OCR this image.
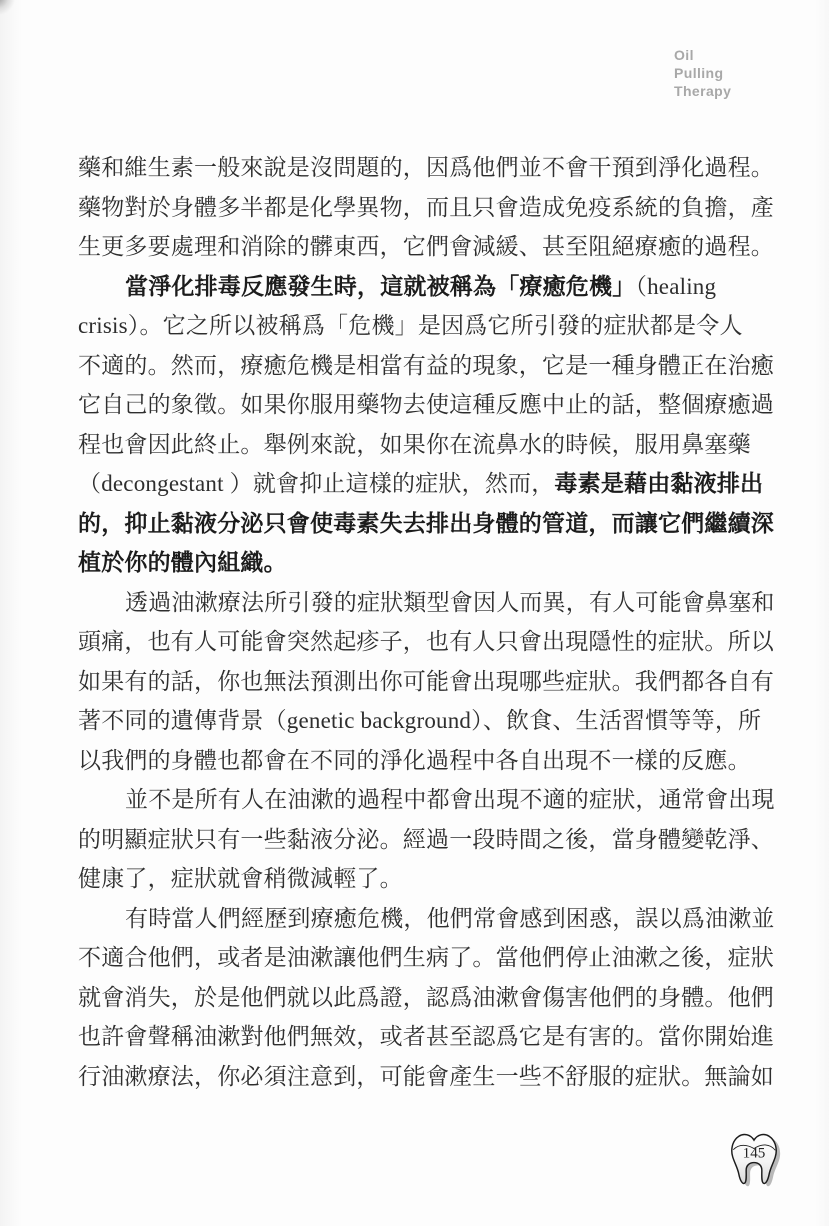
Oil
Pulling
Therapy
藥和維生素一般來說是沒問題的，因爲他們並不會干預到淨化過程。
藥物對於身體多半都是化學異物，而且只會造成免疫系統的負擔，產
生更多要處理和消除的髒東西，它們會減緩、甚至阻絕療癒的過程。
當淨化排毒反應發生時，這就被稱為「療癒危機」（healing
crisis）。它之所以被稱爲「危機」是因爲它所引發的症狀都是令人
不適的。然而，療癒危機是相當有益的現象，它是一種身體正在治癒
它自己的象徵。如果你服用藥物去使這種反應中止的話，整個療癒過
程也會因此終止。舉例來說，如果你在流鼻水的時候，服用鼻塞藥
（decongestant ）就會抑止這樣的症狀，然而，毒素是藉由黏液排出
的，抑止黏液分泌只會使毒素失去排出身體的管道，而讓它們繼續深
植於你的體內組織。
透過油漱療法所引發的症狀類型會因人而異，有人可能會鼻塞和
頭痛，也有人可能會突然起疹子，也有人只會出現隱性的症狀。所以
如果有的話，你也無法預測出你可能會出現哪些症狀。我們都各自有
著不同的遺傳背景（genetic background）、飲食、生活習慣等等，所
以我們的身體也都會在不同的淨化過程中各自出現不一樣的反應。
並不是所有人在油漱的過程中都會出現不適的症狀，通常會出現
的明顯症狀只有一些黏液分泌。經過一段時間之後，當身體變乾淨、
健康了，症狀就會稍微減輕了。
有時當人們經歷到療癒危機，他們常會感到困惑，誤以爲油漱並
不適合他們，或者是油漱讓他們生病了。當他們停止油漱之後，症狀
就會消失，於是他們就以此爲證，認爲油漱會傷害他們的身體。他們
也許會聲稱油漱對他們無效，或者甚至認爲它是有害的。當你開始進
行油漱療法，你必須注意到，可能會產生一些不舒服的症狀。無論如
145
